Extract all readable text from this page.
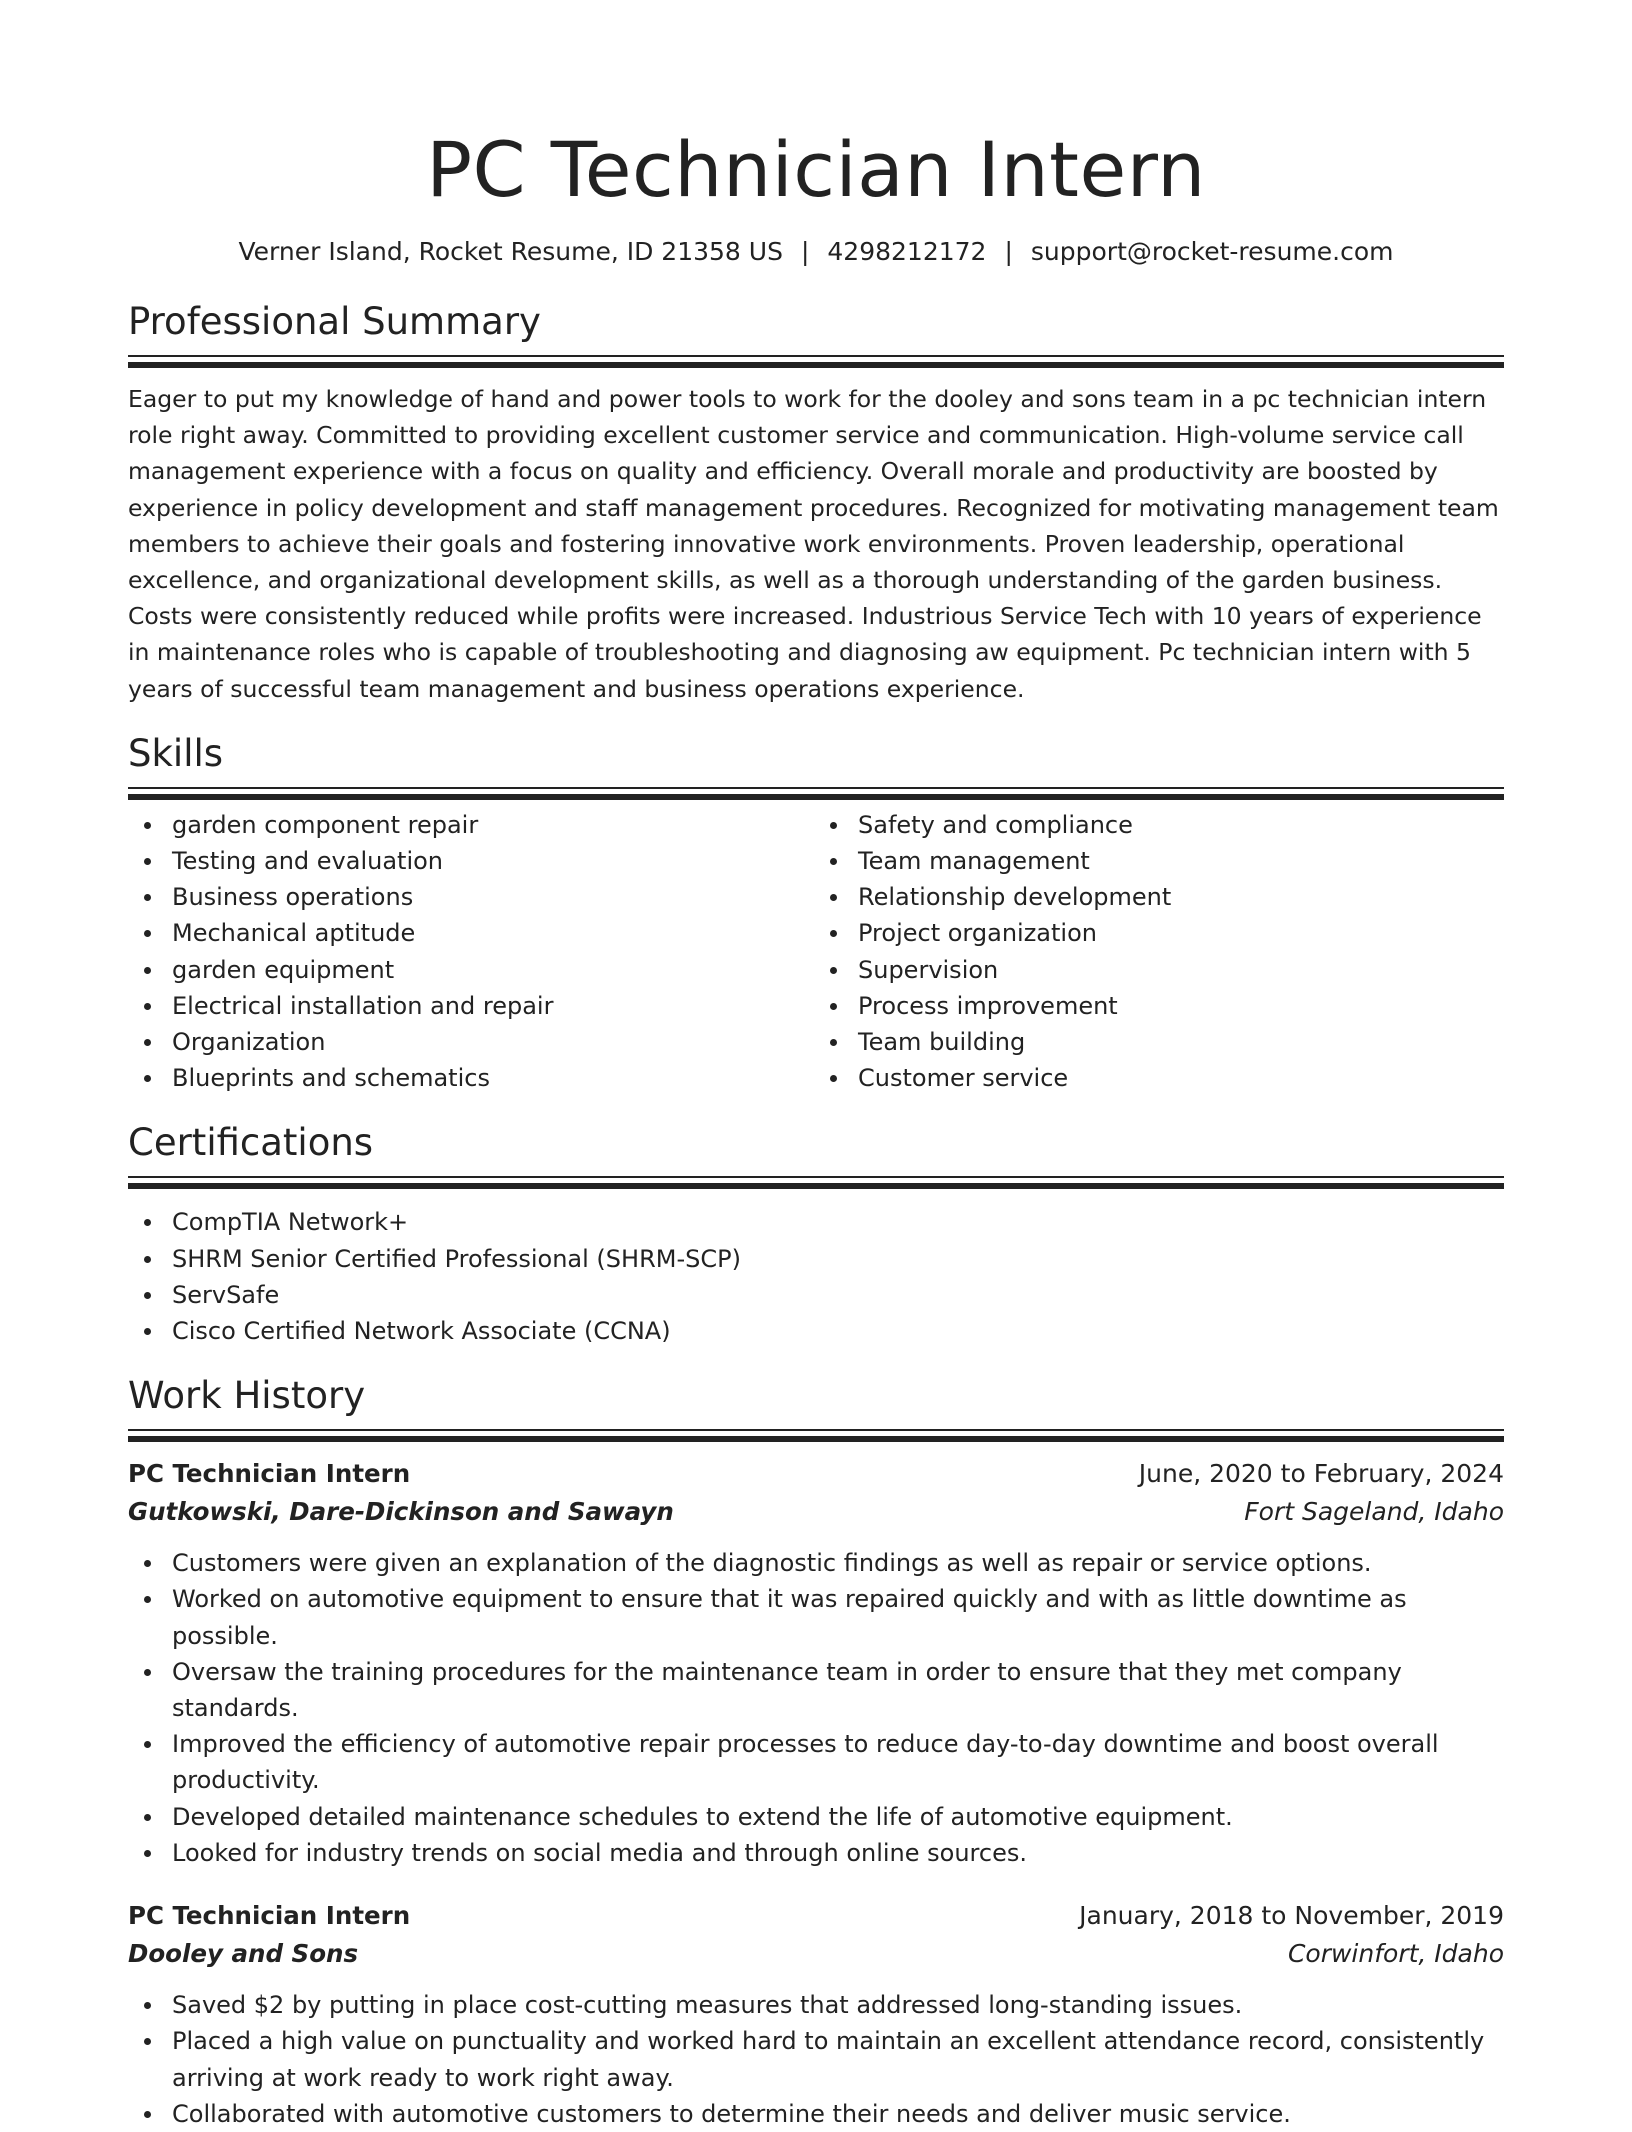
PC Technician Intern
Verner Island, Rocket Resume, ID 21358 US | 4298212172 | support@rocket-resume.com
Professional Summary
Eager to put my knowledge of hand and power tools to work for the dooley and sons team in a pc technician intern role right away. Committed to providing excellent customer service and communication. High-volume service call management experience with a focus on quality and efficiency. Overall morale and productivity are boosted by experience in policy development and staff management procedures. Recognized for motivating management team members to achieve their goals and fostering innovative work environments. Proven leadership, operational excellence, and organizational development skills, as well as a thorough understanding of the garden business. Costs were consistently reduced while profits were increased. Industrious Service Tech with 10 years of experience in maintenance roles who is capable of troubleshooting and diagnosing aw equipment. Pc technician intern with 5 years of successful team management and business operations experience.
Skills
garden component repair
Testing and evaluation
Business operations
Mechanical aptitude
garden equipment
Electrical installation and repair
Organization
Blueprints and schematics
Safety and compliance
Team management
Relationship development
Project organization
Supervision
Process improvement
Team building
Customer service
Certifications
CompTIA Network+
SHRM Senior Certified Professional (SHRM-SCP)
ServSafe
Cisco Certified Network Associate (CCNA)
Work History
PC Technician Intern	June, 2020 to February, 2024
Gutkowski, Dare-Dickinson and Sawayn	Fort Sageland, Idaho
Customers were given an explanation of the diagnostic findings as well as repair or service options.
Worked on automotive equipment to ensure that it was repaired quickly and with as little downtime as possible.
Oversaw the training procedures for the maintenance team in order to ensure that they met company standards.
Improved the efficiency of automotive repair processes to reduce day-to-day downtime and boost overall productivity.
Developed detailed maintenance schedules to extend the life of automotive equipment.
Looked for industry trends on social media and through online sources.
PC Technician Intern	January, 2018 to November, 2019
Dooley and Sons	Corwinfort, Idaho
Saved $2 by putting in place cost-cutting measures that addressed long-standing issues.
Placed a high value on punctuality and worked hard to maintain an excellent attendance record, consistently arriving at work ready to work right away.
Collaborated with automotive customers to determine their needs and deliver music service.
